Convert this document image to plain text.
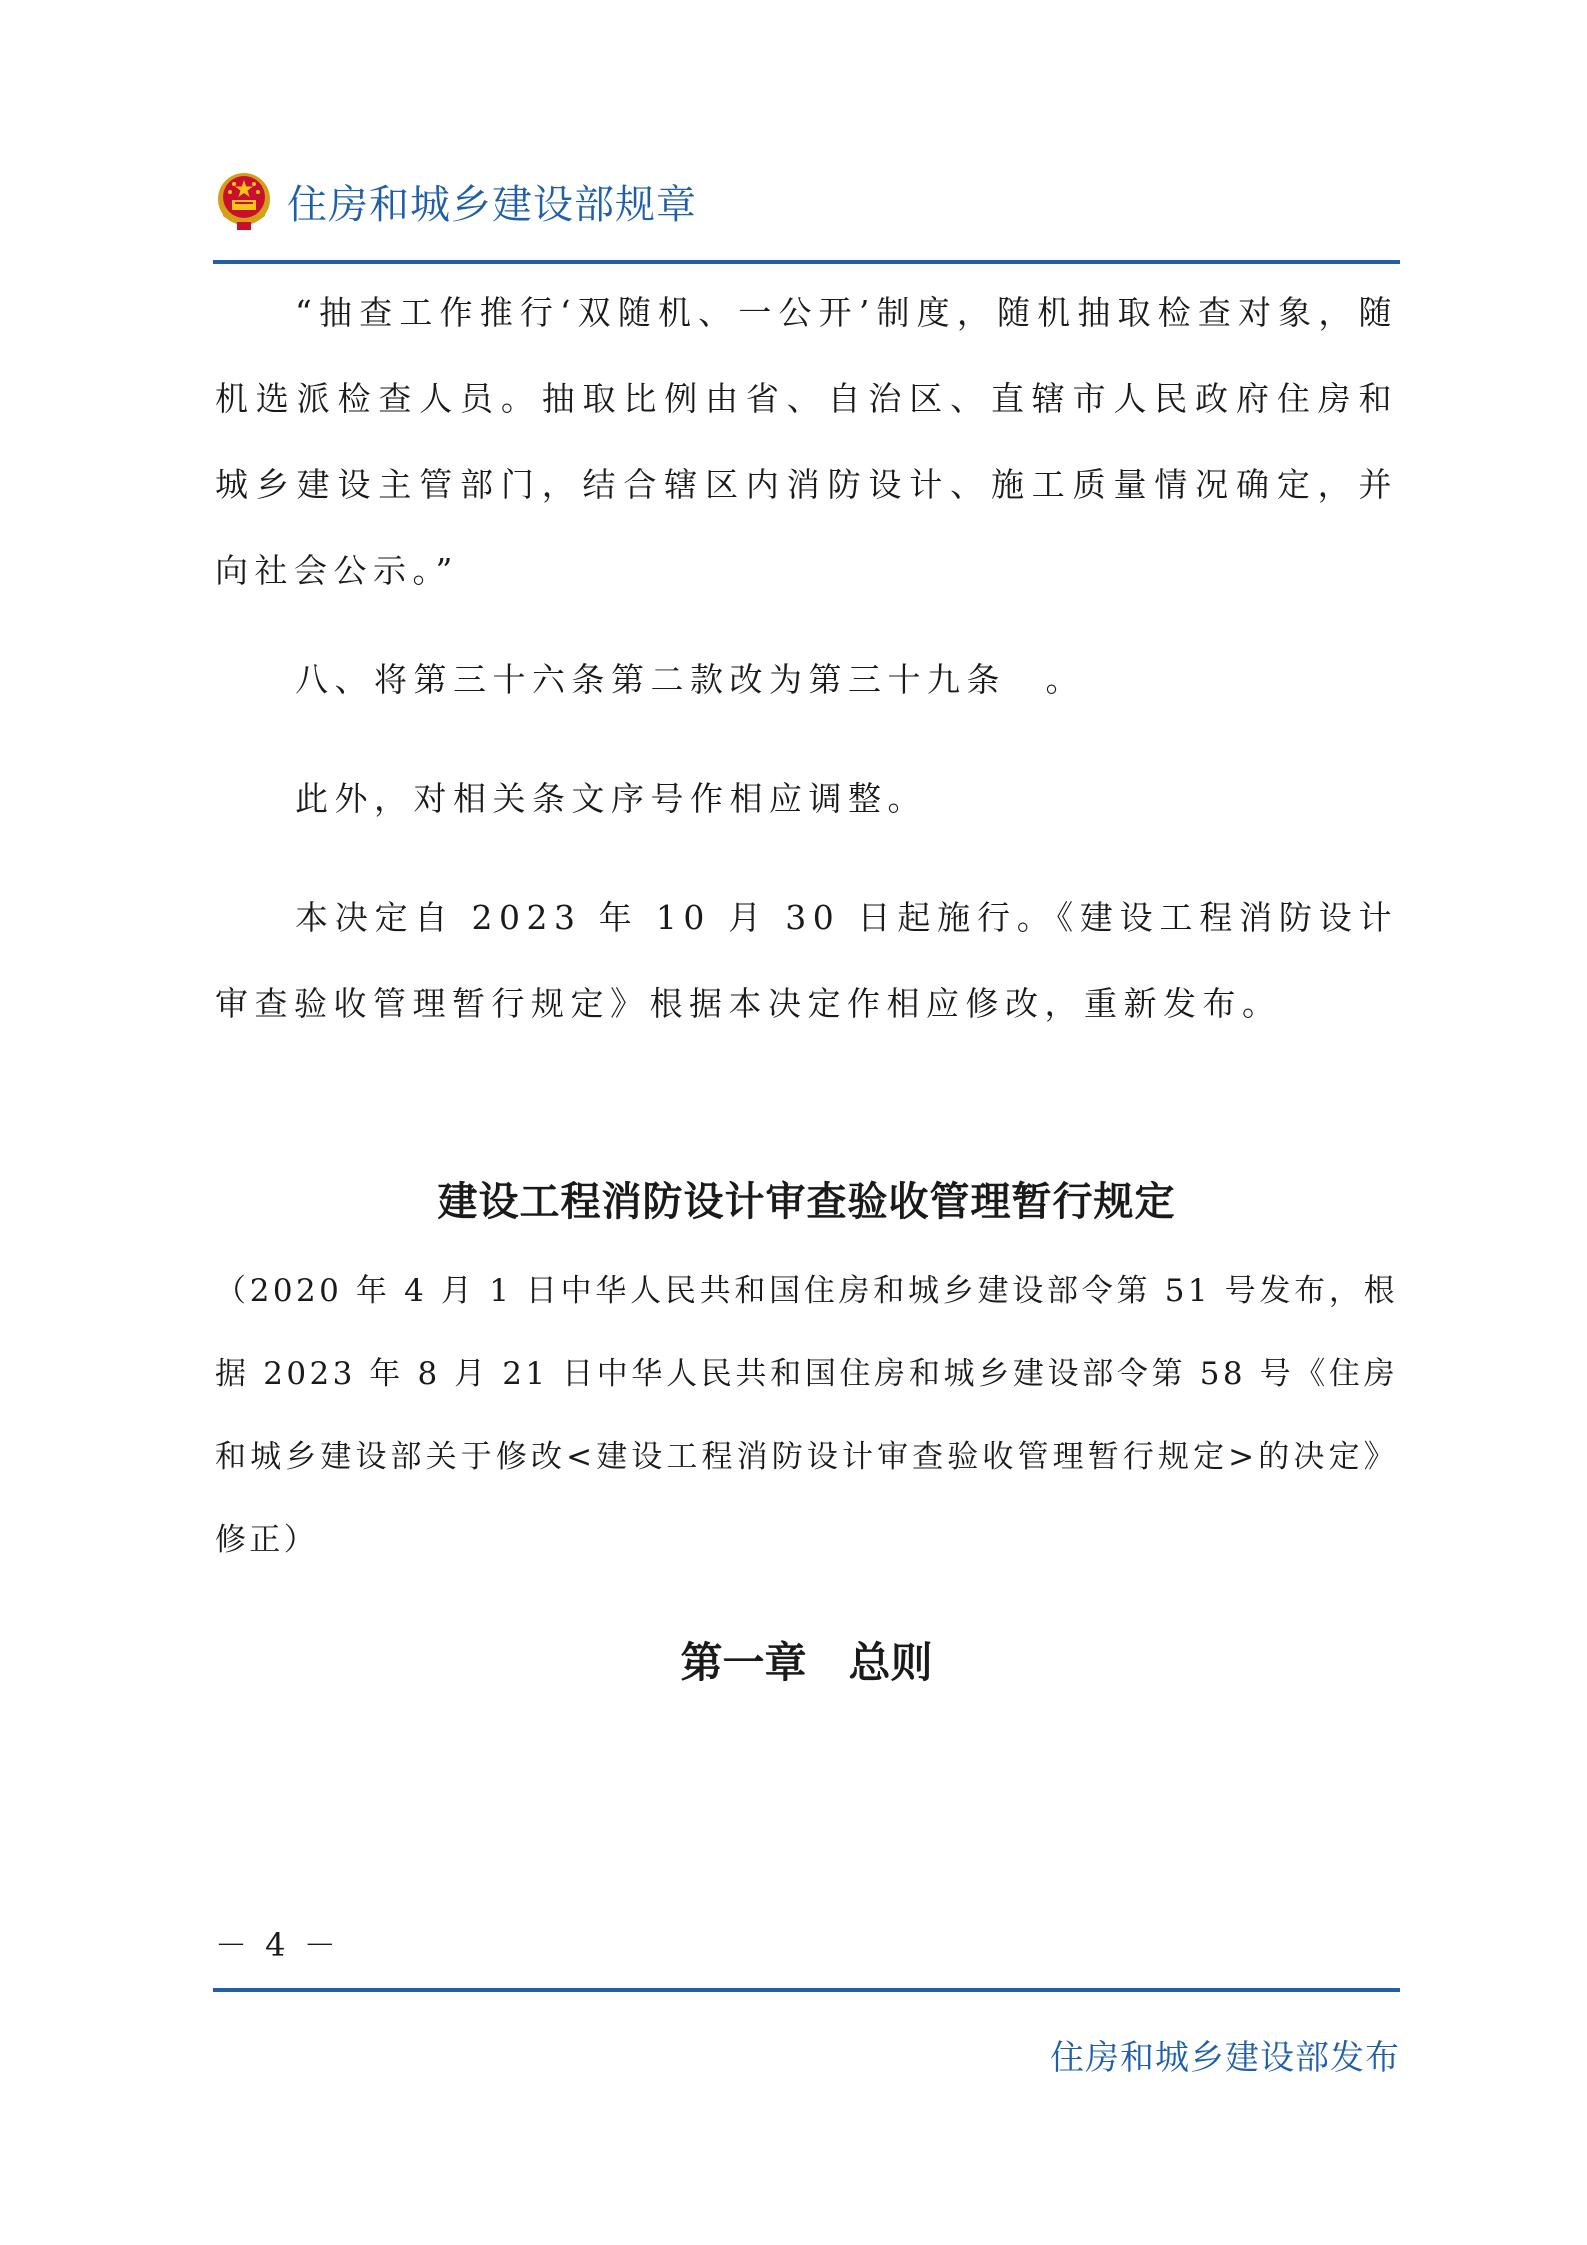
住房和城乡建设部规章

“抽查工作推行‘双随机、一公开’制度，随机抽取检查对象，随机选派检查人员。抽取比例由省、自治区、直辖市人民政府住房和城乡建设主管部门，结合辖区内消防设计、施工质量情况确定，并向社会公示。”

八、将第三十六条第二款改为第三十九条　。

此外，对相关条文序号作相应调整。

本决定自 2023 年 10 月 30 日起施行。《建设工程消防设计审查验收管理暂行规定》根据本决定作相应修改，重新发布。

建设工程消防设计审查验收管理暂行规定

（2020 年 4 月 1 日中华人民共和国住房和城乡建设部令第 51 号发布，根据 2023 年 8 月 21 日中华人民共和国住房和城乡建设部令第 58 号《住房和城乡建设部关于修改<建设工程消防设计审查验收管理暂行规定>的决定》修正）

第一章　总则
－ 4 －
住房和城乡建设部发布
